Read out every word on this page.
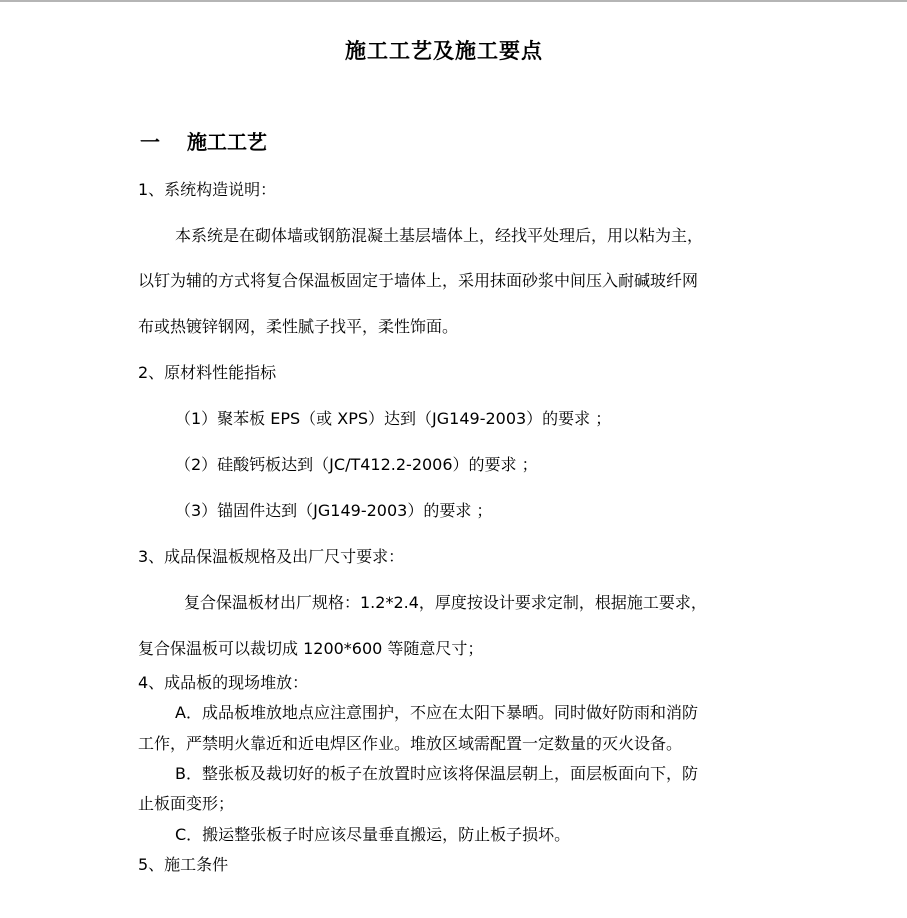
施工工艺及施工要点
一 施工工艺
1、系统构造说明：
本系统是在砌体墙或钢筋混凝土基层墙体上，经找平处理后，用以粘为主，
以钉为辅的方式将复合保温板固定于墙体上，采用抹面砂浆中间压入耐碱玻纤网
布或热镀锌钢网，柔性腻子找平，柔性饰面。
2、原材料性能指标
（1）聚苯板 EPS（或 XPS）达到（JG149-2003）的要求 ；
（2）硅酸钙板达到（JC/T412.2-2006）的要求 ；
（3）锚固件达到（JG149-2003）的要求 ；
3、成品保温板规格及出厂尺寸要求：
复合保温板材出厂规格：1.2*2.4，厚度按设计要求定制，根据施工要求，
复合保温板可以裁切成 1200*600 等随意尺寸；
4、成品板的现场堆放：
A．成品板堆放地点应注意围护，不应在太阳下暴晒。同时做好防雨和消防
工作，严禁明火靠近和近电焊区作业。堆放区域需配置一定数量的灭火设备。
B．整张板及裁切好的板子在放置时应该将保温层朝上，面层板面向下，防
止板面变形；
C．搬运整张板子时应该尽量垂直搬运，防止板子损坏。
5、施工条件
